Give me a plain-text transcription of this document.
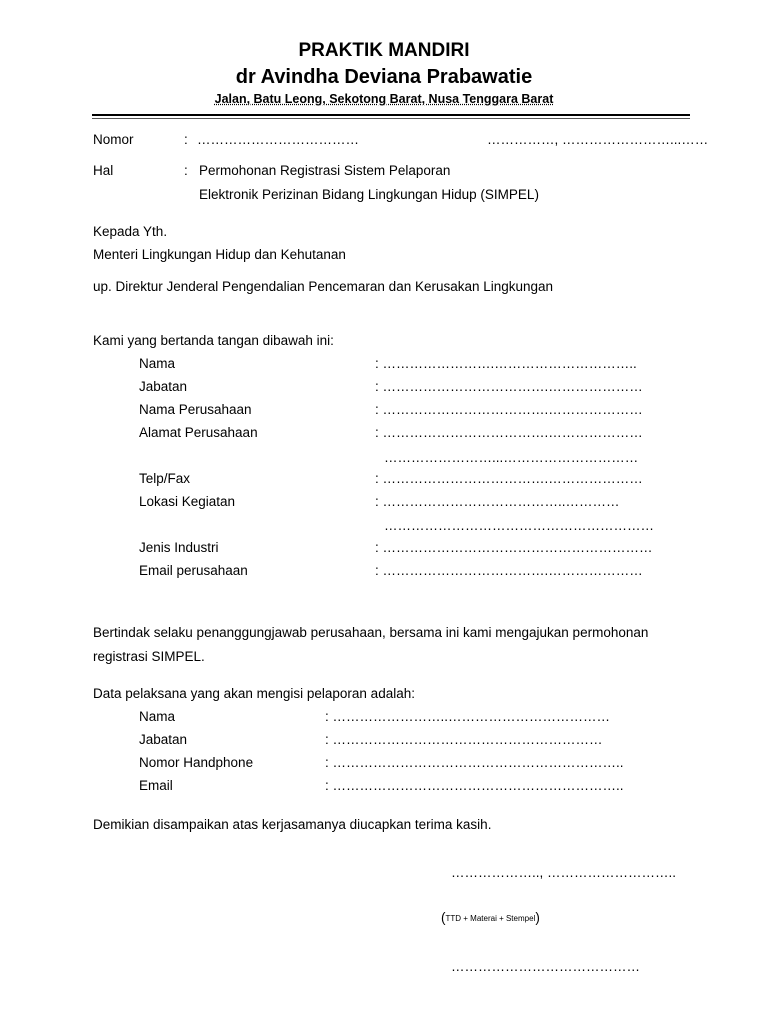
PRAKTIK MANDIRI
dr Avindha Deviana Prabawatie
Jalan, Batu Leong, Sekotong Barat, Nusa Tenggara Barat
Nomor	: ………………………………	……………, ……………………...……
Hal	: Permohonan Registrasi Sistem Pelaporan
Elektronik Perizinan Bidang Lingkungan Hidup (SIMPEL)
Kepada Yth.
Menteri Lingkungan Hidup dan Kehutanan
up. Direktur Jenderal Pengendalian Pencemaran dan Kerusakan Lingkungan
Kami yang bertanda tangan dibawah ini:
Nama	: …………………….…………………………..
Jabatan	: ……………………………….…………………
Nama Perusahaan	: ……………………………….…………………
Alamat Perusahaan	: ……………………………….…………………
……………………...…………………………
Telp/Fax	: ……………………………….…………………
Lokasi Kegiatan	: …………………………………..…………
……………………………………………………
Jenis Industri	: ……………………………………………………
Email perusahaan	: ……………………………….…………………
Bertindak selaku penanggungjawab perusahaan, bersama ini kami mengajukan permohonan
registrasi SIMPEL.
Data pelaksana yang akan mengisi pelaporan adalah:
Nama	: ……………………..………………………………
Jabatan	: ……………………………………………………
Nomor Handphone	: ………………………………………………………..
Email	: ………………………………………………………..
Demikian disampaikan atas kerjasamanya diucapkan terima kasih.
……………….., ………………………..
(TTD + Materai + Stempel)
……………………………………
